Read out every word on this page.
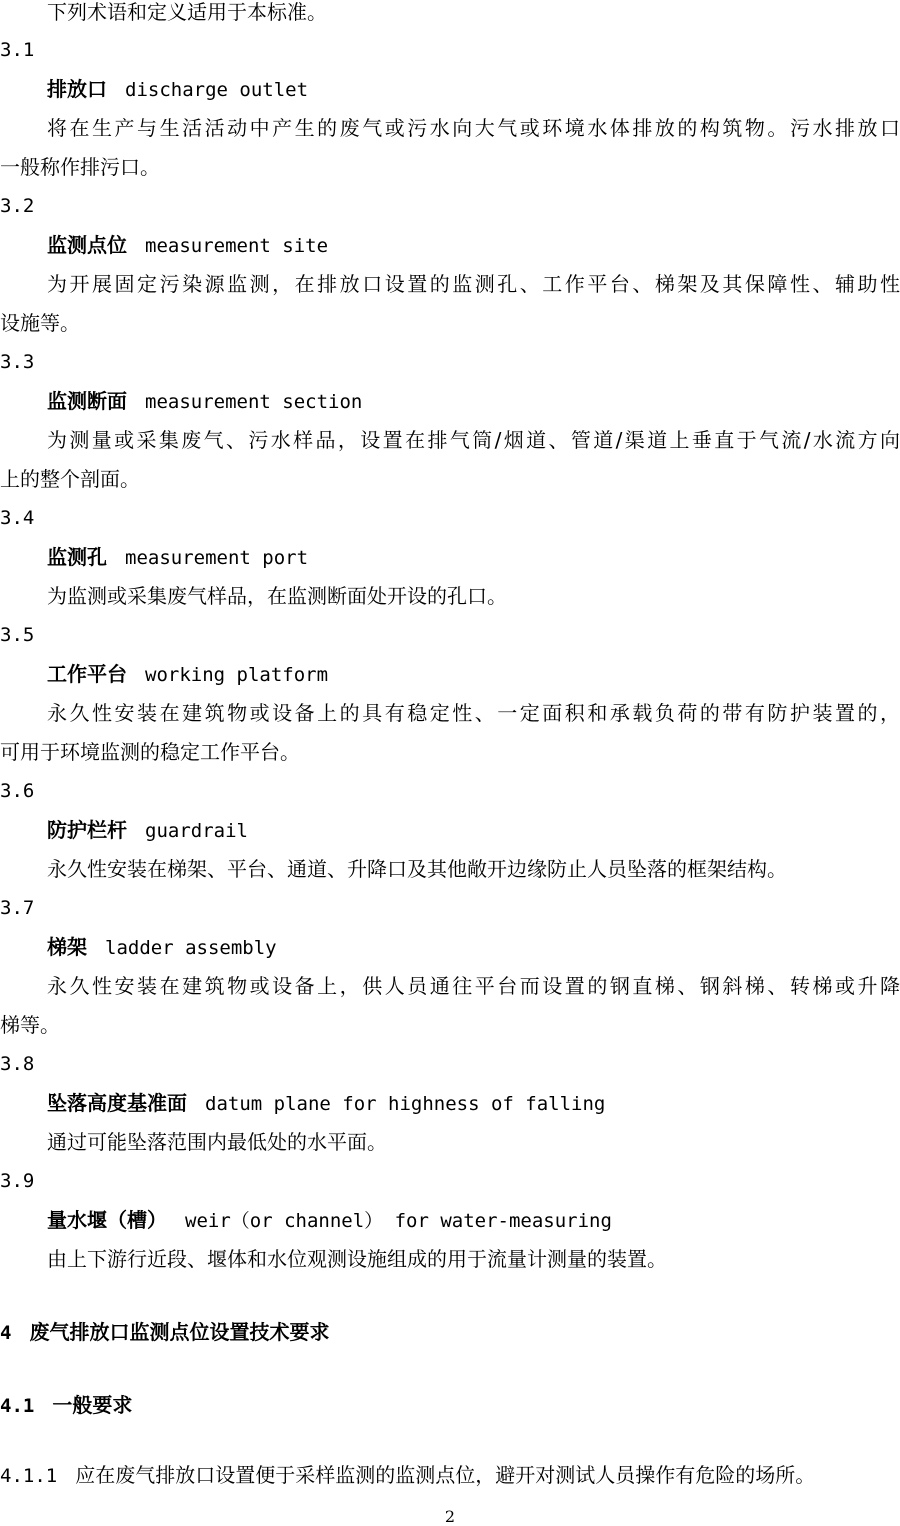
下列术语和定义适用于本标准。
3.1
排放口 discharge outlet
将在生产与生活活动中产生的废气或污水向大气或环境水体排放的构筑物。污水排放口
一般称作排污口。
3.2
监测点位 measurement site
为开展固定污染源监测，在排放口设置的监测孔、工作平台、梯架及其保障性、辅助性
设施等。
3.3
监测断面 measurement section
为测量或采集废气、污水样品，设置在排气筒/烟道、管道/渠道上垂直于气流/水流方向
上的整个剖面。
3.4
监测孔 measurement port
为监测或采集废气样品，在监测断面处开设的孔口。
3.5
工作平台 working platform
永久性安装在建筑物或设备上的具有稳定性、一定面积和承载负荷的带有防护装置的，
可用于环境监测的稳定工作平台。
3.6
防护栏杆 guardrail
永久性安装在梯架、平台、通道、升降口及其他敞开边缘防止人员坠落的框架结构。
3.7
梯架 ladder assembly
永久性安装在建筑物或设备上，供人员通往平台而设置的钢直梯、钢斜梯、转梯或升降
梯等。
3.8
坠落高度基准面 datum plane for highness of falling
通过可能坠落范围内最低处的水平面。
3.9
量水堰（槽） weir（or channel） for water-measuring
由上下游行近段、堰体和水位观测设施组成的用于流量计测量的装置。
4 废气排放口监测点位设置技术要求
4.1 一般要求
4.1.1 应在废气排放口设置便于采样监测的监测点位，避开对测试人员操作有危险的场所。
2
